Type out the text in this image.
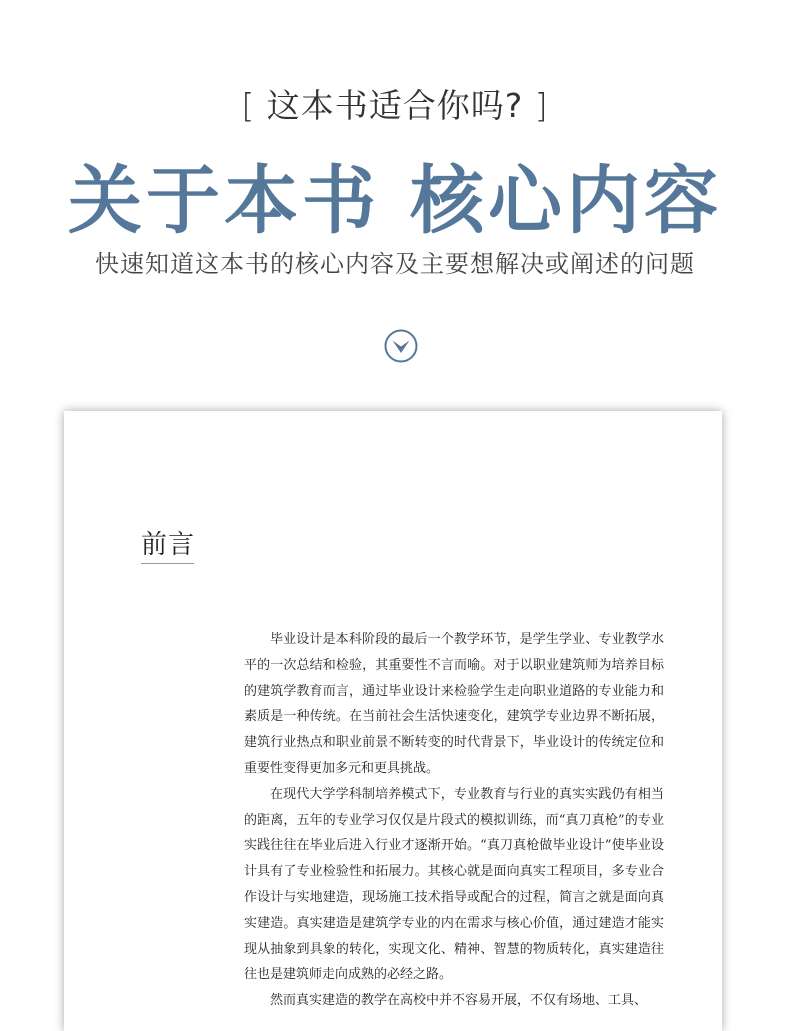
[ 这本书适合你吗? ]
关于本书 核心内容
快速知道这本书的核心内容及主要想解决或阐述的问题
前言

毕业设计是本科阶段的最后一个教学环节，是学生学业、专业教学水平的一次总结和检验，其重要性不言而喻。对于以职业建筑师为培养目标的建筑学教育而言，通过毕业设计来检验学生走向职业道路的专业能力和素质是一种传统。在当前社会生活快速变化，建筑学专业边界不断拓展，建筑行业热点和职业前景不断转变的时代背景下，毕业设计的传统定位和重要性变得更加多元和更具挑战。

在现代大学学科制培养模式下，专业教育与行业的真实实践仍有相当的距离，五年的专业学习仅仅是片段式的模拟训练，而“真刀真枪”的专业实践往往在毕业后进入行业才逐渐开始。“真刀真枪做毕业设计”使毕业设计具有了专业检验性和拓展力。其核心就是面向真实工程项目，多专业合作设计与实地建造，现场施工技术指导或配合的过程，简言之就是面向真实建造。真实建造是建筑学专业的内在需求与核心价值，通过建造才能实现从抽象到具象的转化，实现文化、精神、智慧的物质转化，真实建造往往也是建筑师走向成熟的必经之路。

然而真实建造的教学在高校中并不容易开展，不仅有场地、工具、
